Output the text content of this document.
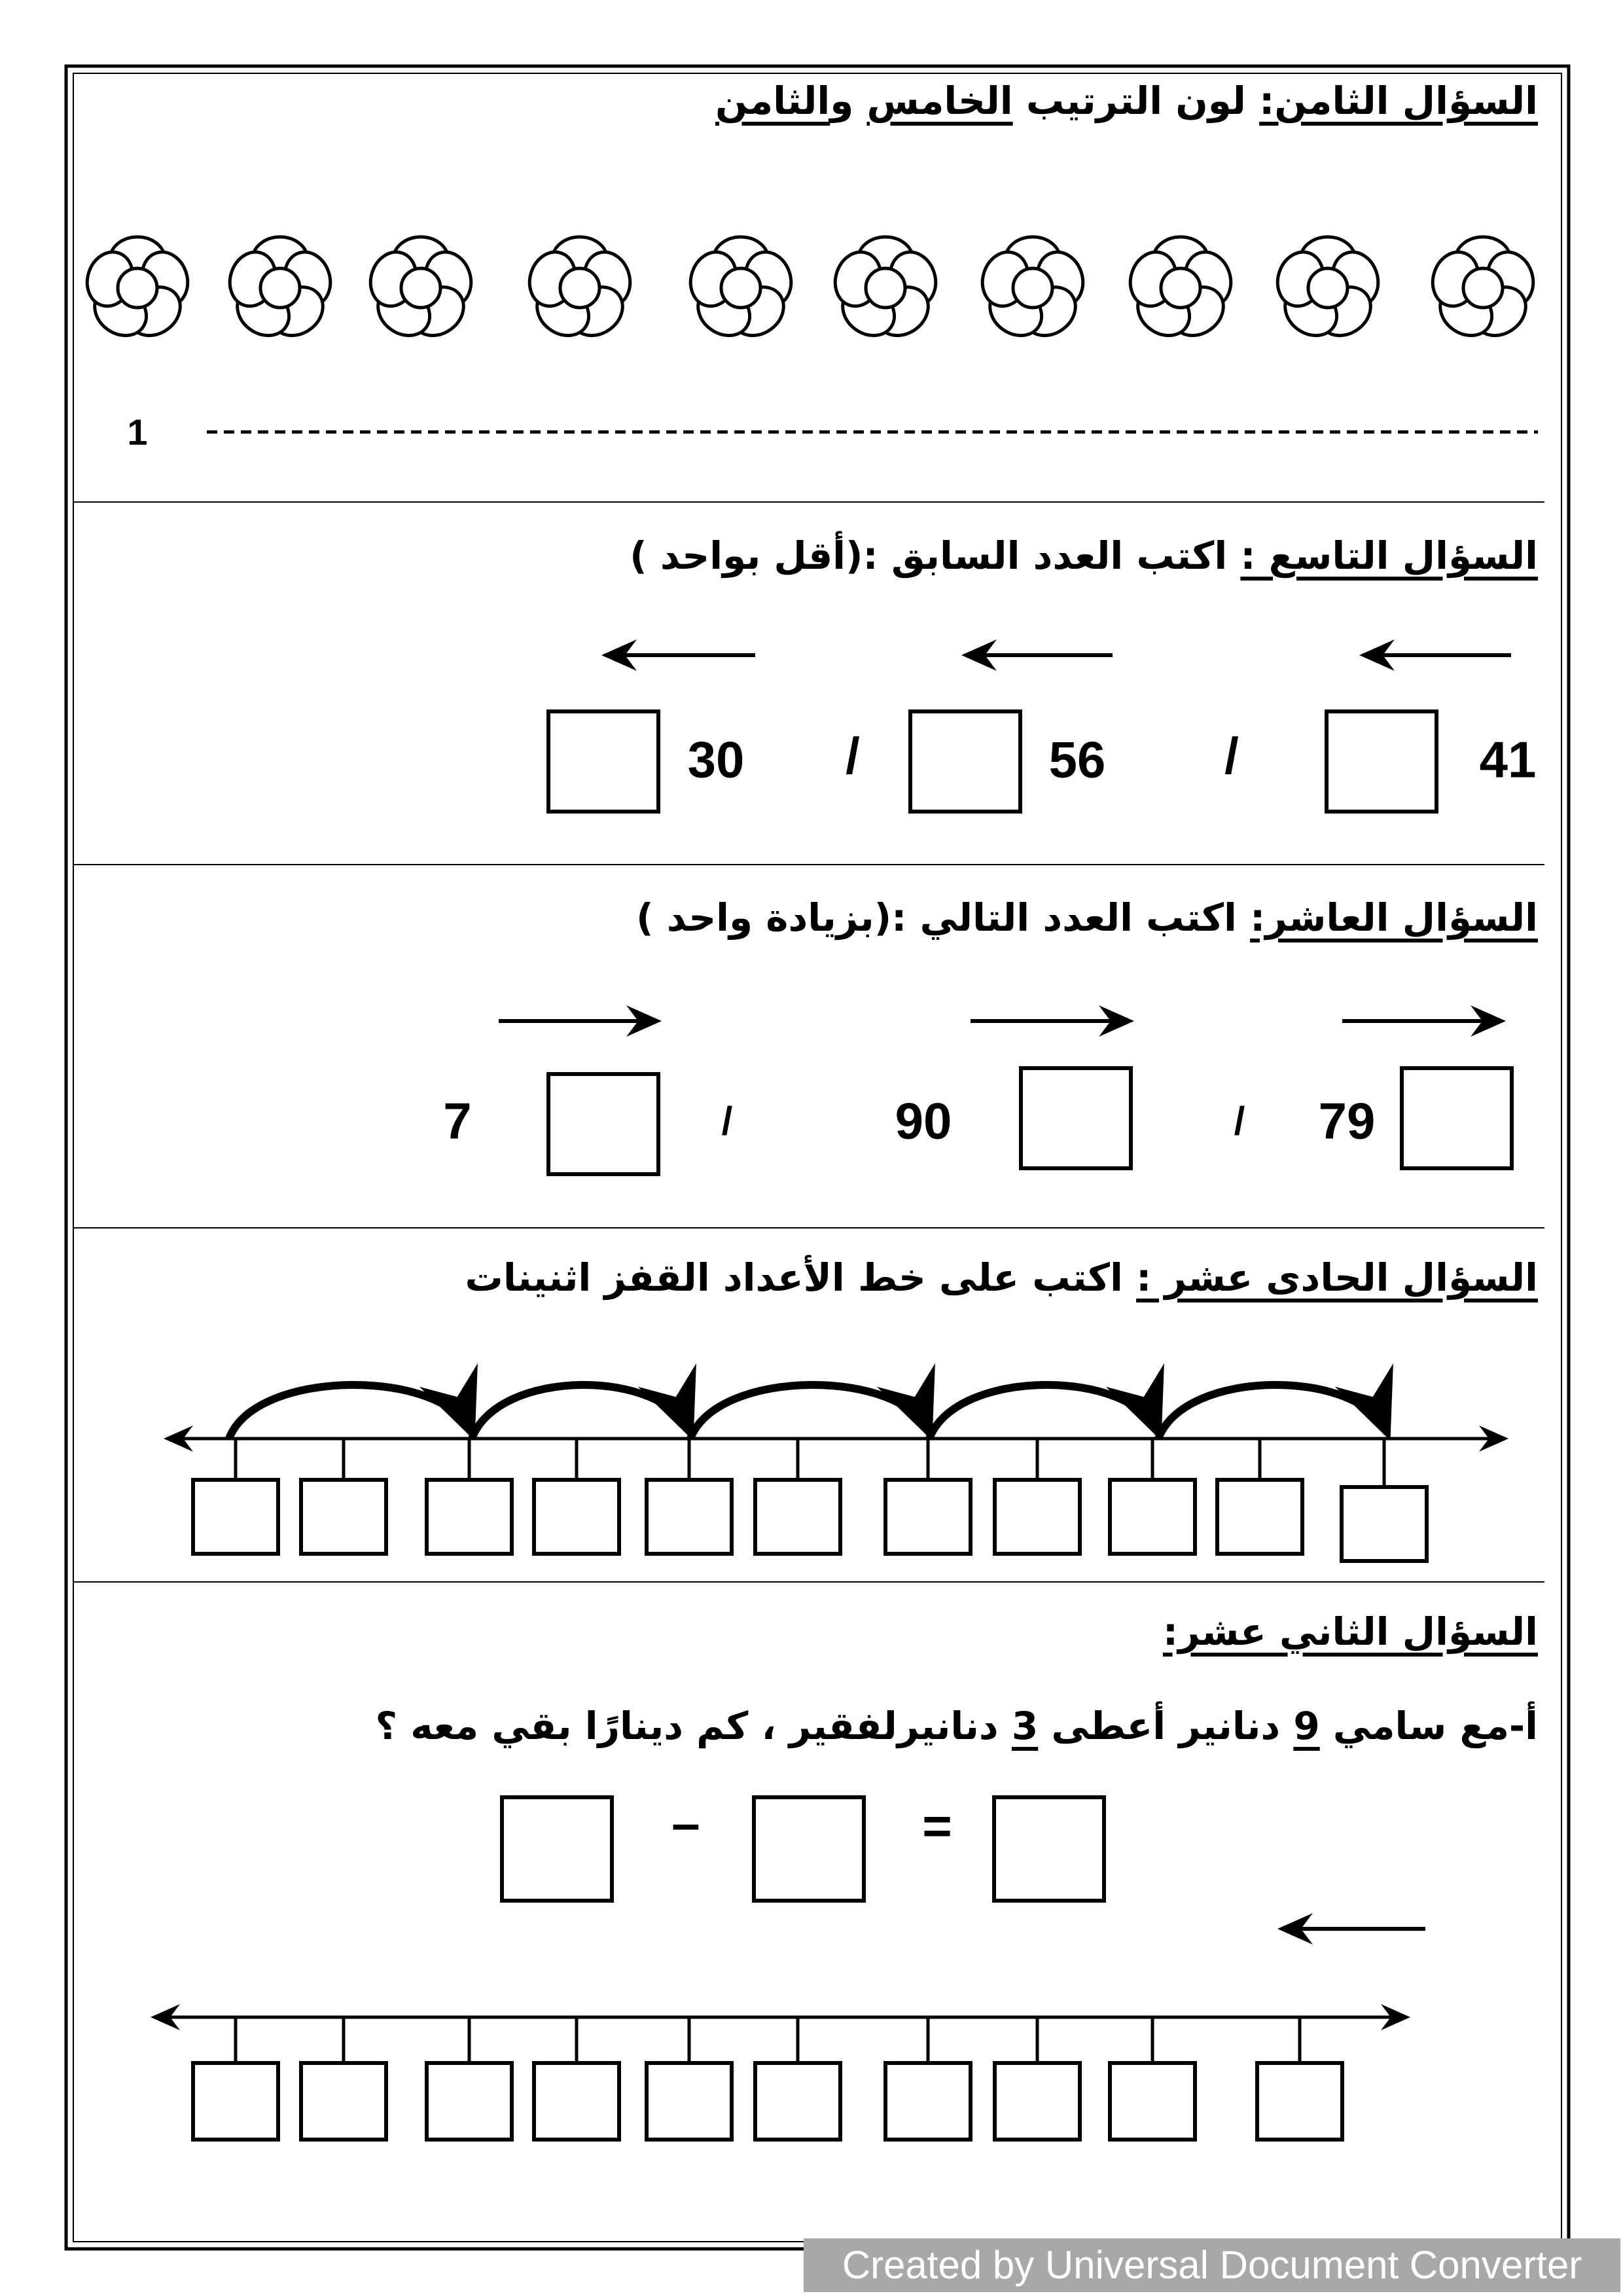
السؤال الثامن: لون الترتيب الخامس والثامن
1
السؤال التاسع : اكتب العدد السابق :(أقل بواحد )
41
56
30	/
/
السؤال العاشر: اكتب العدد التالي :(بزيادة واحد )
79
90
7	/
/
السؤال الحادى عشر : اكتب على خط الأعداد القفز اثنينات
السؤال الثاني عشر:
أ-مع سامي 9 دنانير أعطى 3 دنانيرلفقير ، كم دينارًا بقي معه ؟
–	=
Created by Universal Document Converter
